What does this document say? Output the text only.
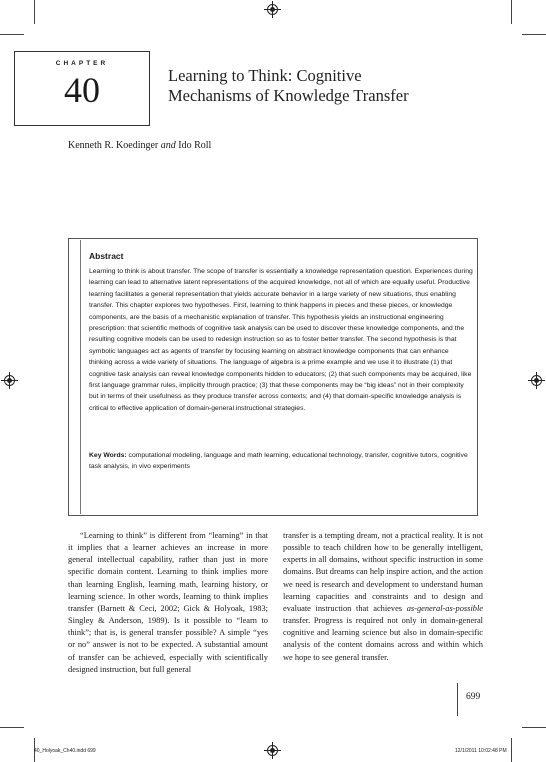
CHAPTER
40	Learning to Think: Cognitive
Mechanisms of Knowledge Transfer
Kenneth R. Koedinger and Ido Roll
Abstract
Learning to think is about transfer. The scope of transfer is essentially a knowledge representation question. Experiences during learning can lead to alternative latent representations of the acquired knowledge, not all of which are equally useful. Productive learning facilitates a general representation that yields accurate behavior in a large variety of new situations, thus enabling transfer. This chapter explores two hypotheses. First, learning to think happens in pieces and these pieces, or knowledge components, are the basis of a mechanistic explanation of transfer. This hypothesis yields an instructional engineering prescription: that scientific methods of cognitive task analysis can be used to discover these knowledge components, and the resulting cognitive models can be used to redesign instruction so as to foster better transfer. The second hypothesis is that symbolic languages act as agents of transfer by focusing learning on abstract knowledge components that can enhance thinking across a wide variety of situations. The language of algebra is a prime example and we use it to illustrate (1) that cognitive task analysis can reveal knowledge components hidden to educators; (2) that such components may be acquired, like first language grammar rules, implicitly through practice; (3) that these components may be “big ideas” not in their complexity but in terms of their usefulness as they produce transfer across contexts; and (4) that domain-specific knowledge analysis is critical to effective application of domain-general instructional strategies.
Key Words: computational modeling, language and math learning, educational technology, transfer, cognitive tutors, cognitive task analysis, in vivo experiments
“Learning to think” is different from “learning” in that it implies that a learner achieves an increase in more general intellectual capability, rather than just in more specific domain content. Learning to think implies more than learning English, learning math, learning history, or learning science. In other words, learning to think implies transfer (Barnett & Ceci, 2002; Gick & Holyoak, 1983; Singley & Anderson, 1989). Is it possible to “learn to think”; that is, is general transfer possible? A simple “yes or no” answer is not to be expected. A substantial amount of transfer can be achieved, especially with scientifically designed instruction, but full general
transfer is a tempting dream, not a practical reality. It is not possible to teach children how to be generally intelligent, experts in all domains, without specific instruction in some domains. But dreams can help inspire action, and the action we need is research and development to understand human learning capacities and constraints and to design and evaluate instruction that achieves as-general-as-possible transfer. Progress is required not only in domain-general cognitive and learning science but also in domain-specific analysis of the content domains across and within which we hope to see general transfer.
699
40_Holyoak_Ch40.indd 699	12/1/2011 10:02:48 PM
